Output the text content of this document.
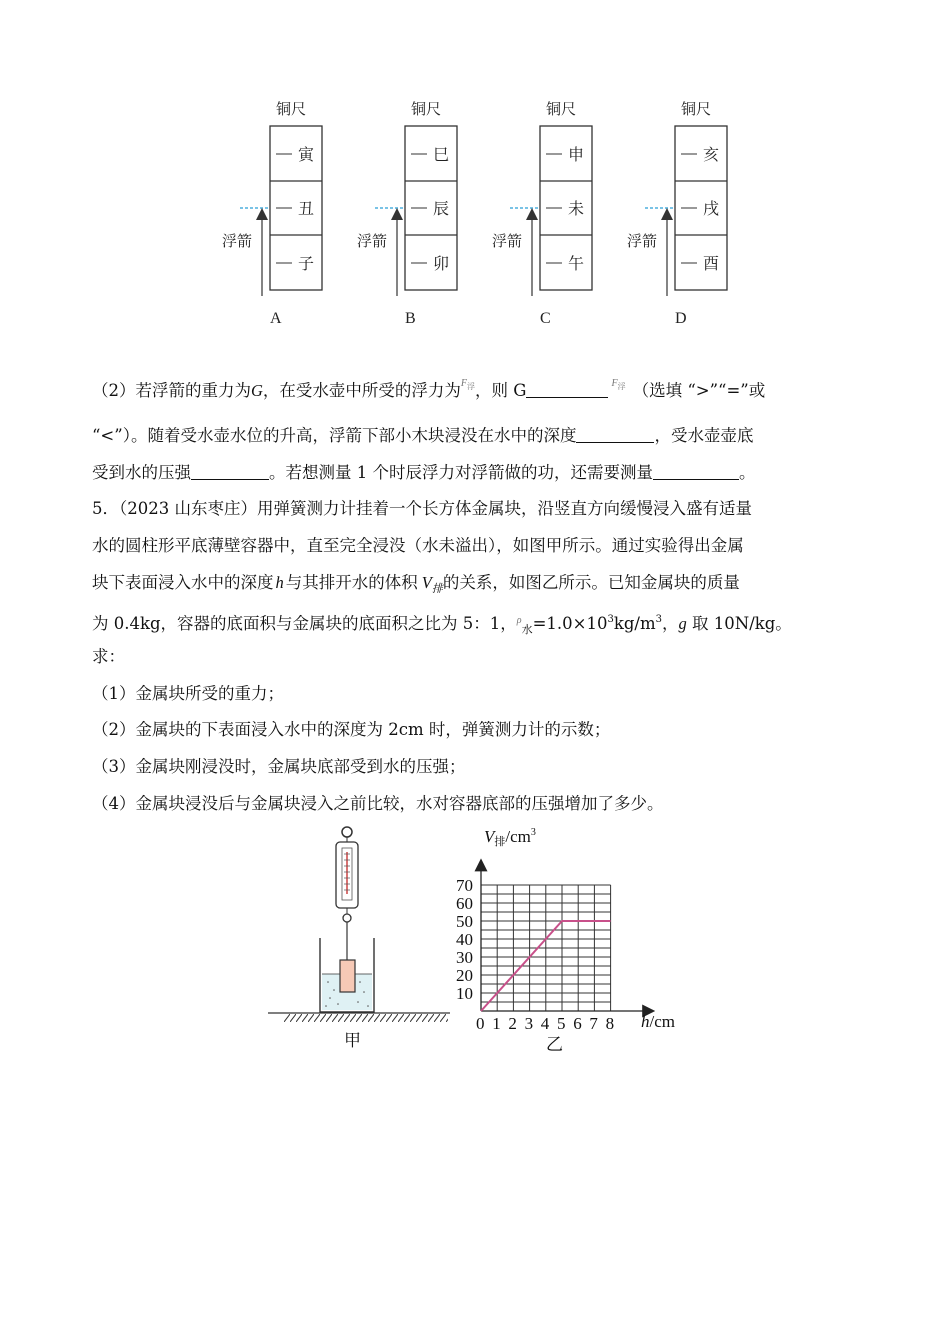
铜尺
寅
丑
子
浮箭
A
铜尺
巳
辰
卯
浮箭
B
铜尺
申
未
午
浮箭
C
铜尺
亥
戌
酉
浮箭
D
（2）若浮箭的重力为G，在受水壶中所受的浮力为$^{F_浮}$，则 G	$^{F_浮}$ （选填 “>”“=”或
“<”）。随着受水壶水位的升高，浮箭下部小木块浸没在水中的深度	，受水壶壶底
受到水的压强	。若想测量 1 个时辰浮力对浮箭做的功，还需要测量	。
5．（2023 山东枣庄）用弹簧测力计挂着一个长方体金属块，沿竖直方向缓慢浸入盛有适量
水的圆柱形平底薄壁容器中，直至完全浸没（水未溢出），如图甲所示。通过实验得出金属
块下表面浸入水中的深度 h 与其排开水的体积 $V_排$的关系，如图乙所示。已知金属块的质量
为 0.4kg，容器的底面积与金属块的底面积之比为 5：1，$^\rho_水=1.0\times 10^3kg/m^3$，g 取 10N/kg。
求：
（1）金属块所受的重力；
（2）金属块的下表面浸入水中的深度为 2cm 时，弹簧测力计的示数；
（3）金属块刚浸没时，金属块底部受到水的压强；
（4）金属块浸没后与金属块浸入之前比较，水对容器底部的压强增加了多少。
甲
0 1 2 3 4 5 6 7 8
10
20
30
40
50
60
70
V排$/cm^3$
h/cm
乙
